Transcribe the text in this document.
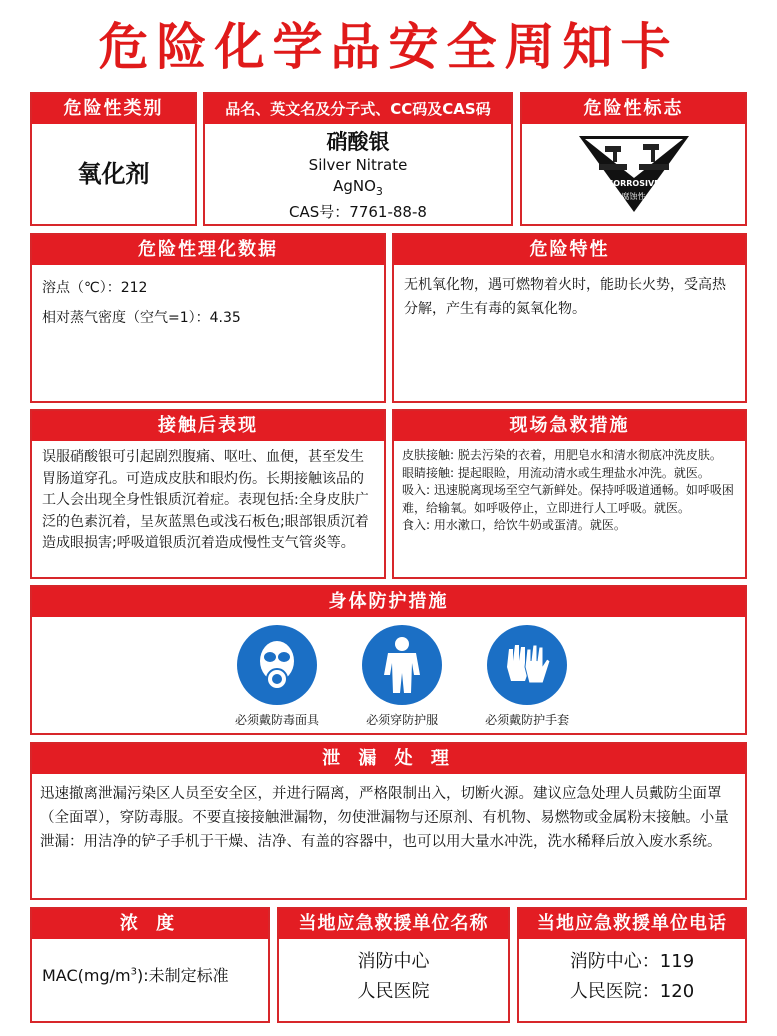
危险化学品安全周知卡
危险性类别
氧化剂
品名、英文名及分子式、CC码及CAS码
硝酸银
Silver Nitrate
AgNO$_3$
CAS号：7761-88-8
危险性标志
CORROSIVE
腐蚀性
危险性理化数据
溶点（℃）：212
相对蒸气密度（空气=1）：4.35
危险特性
无机氧化物，遇可燃物着火时，能助长火势，受高热分解，产生有毒的氮氧化物。
接触后表现
误服硝酸银可引起剧烈腹痛、呕吐、血便，甚至发生胃肠道穿孔。可造成皮肤和眼灼伤。长期接触该品的工人会出现全身性银质沉着症。表现包括:全身皮肤广泛的色素沉着，呈灰蓝黑色或浅石板色;眼部银质沉着造成眼损害;呼吸道银质沉着造成慢性支气管炎等。
现场急救措施
皮肤接触: 脱去污染的衣着，用肥皂水和清水彻底冲洗皮肤。
眼睛接触: 提起眼睑，用流动清水或生理盐水冲洗。就医。
吸入: 迅速脱离现场至空气新鲜处。保持呼吸道通畅。如呼吸困难，给输氧。如呼吸停止，立即进行人工呼吸。就医。
食入: 用水漱口，给饮牛奶或蛋清。就医。
身体防护措施
必须戴防毒面具
	必须穿防护服
	必须戴防护手套
泄 漏 处 理
迅速撤离泄漏污染区人员至安全区，并进行隔离，严格限制出入，切断火源。建议应急处理人员戴防尘面罩（全面罩），穿防毒服。不要直接接触泄漏物，勿使泄漏物与还原剂、有机物、易燃物或金属粉末接触。小量泄漏：用洁净的铲子手机于干燥、洁净、有盖的容器中，也可以用大量水冲洗，洗水稀释后放入废水系统。
浓 度
$MAC(mg/m^3)$:未制定标准
当地应急救援单位名称
消防中心
人民医院
当地应急救援单位电话
消防中心：119
人民医院：120
